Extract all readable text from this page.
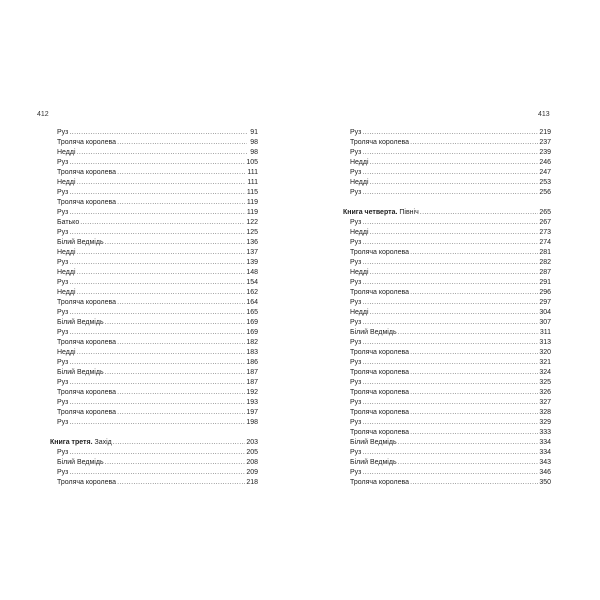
412	413
Руз .....	91
Троляча королева .....	98
Недді .....	98
Руз .....	105
Троляча королева .....	111
Недді .....	111
Руз .....	115
Троляча королева .....	119
Руз .....	119
Батько .....	122
Руз .....	125
Білий Ведмідь .....	136
Недді .....	137
Руз .....	139
Недді .....	148
Руз .....	154
Недді .....	162
Троляча королева .....	164
Руз .....	165
Білий Ведмідь .....	169
Руз .....	169
Троляча королева .....	182
Недді .....	183
Руз .....	186
Білий Ведмідь .....	187
Руз .....	187
Троляча королева .....	192
Руз .....	193
Троляча королева .....	197
Руз .....	198
Книга третя. Захід .....	203
Руз .....	205
Білий Ведмідь .....	208
Руз .....	209
Троляча королева .....	218
Руз .....	219
Троляча королева .....	237
Руз .....	239
Недді .....	246
Руз .....	247
Недді .....	253
Руз .....	256
Книга четверта. Північ .....	265
Руз .....	267
Недді .....	273
Руз .....	274
Троляча королева .....	281
Руз .....	282
Недді .....	287
Руз .....	291
Троляча королева .....	296
Руз .....	297
Недді .....	304
Руз .....	307
Білий Ведмідь .....	311
Руз .....	313
Троляча королева .....	320
Руз .....	321
Троляча королева .....	324
Руз .....	325
Троляча королева .....	326
Руз .....	327
Троляча королева .....	328
Руз .....	329
Троляча королева .....	333
Білий Ведмідь .....	334
Руз .....	334
Білий Ведмідь .....	343
Руз .....	346
Троляча королева .....	350
